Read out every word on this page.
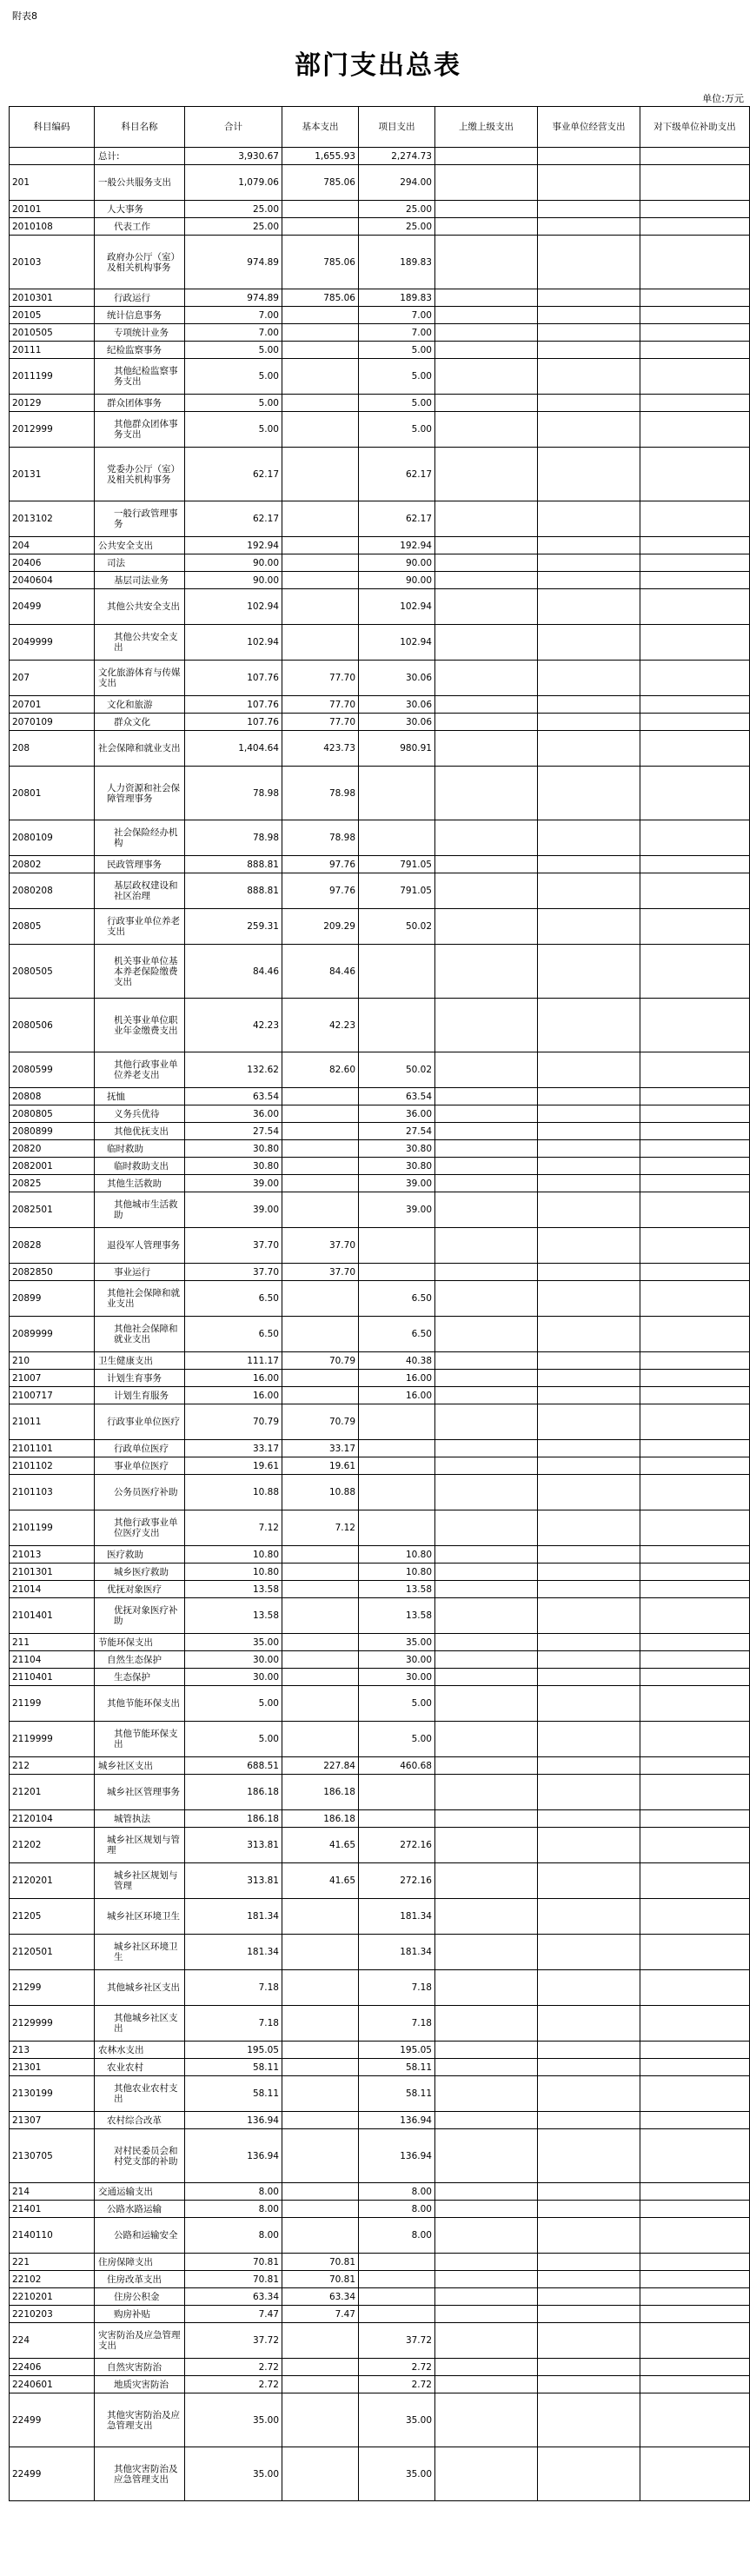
附表8
部门支出总表
单位:万元
科目编码	科目名称	合计	基本支出	项目支出	上缴上级支出	事业单位经营支出	对下级单位补助支出
	总计:	3,930.67	1,655.93	2,274.73			
201	一般公共服务支出	1,079.06	785.06	294.00			
20101	人大事务	25.00		25.00			
2010108	代表工作	25.00		25.00			
20103	政府办公厅（室）及相关机构事务	974.89	785.06	189.83			
2010301	行政运行	974.89	785.06	189.83			
20105	统计信息事务	7.00		7.00			
2010505	专项统计业务	7.00		7.00			
20111	纪检监察事务	5.00		5.00			
2011199	其他纪检监察事务支出	5.00		5.00			
20129	群众团体事务	5.00		5.00			
2012999	其他群众团体事务支出	5.00		5.00			
20131	党委办公厅（室）及相关机构事务	62.17		62.17			
2013102	一般行政管理事务	62.17		62.17			
204	公共安全支出	192.94		192.94			
20406	司法	90.00		90.00			
2040604	基层司法业务	90.00		90.00			
20499	其他公共安全支出	102.94		102.94			
2049999	其他公共安全支出	102.94		102.94			
207	文化旅游体育与传媒支出	107.76	77.70	30.06			
20701	文化和旅游	107.76	77.70	30.06			
2070109	群众文化	107.76	77.70	30.06			
208	社会保障和就业支出	1,404.64	423.73	980.91			
20801	人力资源和社会保障管理事务	78.98	78.98				
2080109	社会保险经办机构	78.98	78.98				
20802	民政管理事务	888.81	97.76	791.05			
2080208	基层政权建设和社区治理	888.81	97.76	791.05			
20805	行政事业单位养老支出	259.31	209.29	50.02			
2080505	机关事业单位基本养老保险缴费支出	84.46	84.46				
2080506	机关事业单位职业年金缴费支出	42.23	42.23				
2080599	其他行政事业单位养老支出	132.62	82.60	50.02			
20808	抚恤	63.54		63.54			
2080805	义务兵优待	36.00		36.00			
2080899	其他优抚支出	27.54		27.54			
20820	临时救助	30.80		30.80			
2082001	临时救助支出	30.80		30.80			
20825	其他生活救助	39.00		39.00			
2082501	其他城市生活救助	39.00		39.00			
20828	退役军人管理事务	37.70	37.70				
2082850	事业运行	37.70	37.70				
20899	其他社会保障和就业支出	6.50		6.50			
2089999	其他社会保障和就业支出	6.50		6.50			
210	卫生健康支出	111.17	70.79	40.38			
21007	计划生育事务	16.00		16.00			
2100717	计划生育服务	16.00		16.00			
21011	行政事业单位医疗	70.79	70.79				
2101101	行政单位医疗	33.17	33.17				
2101102	事业单位医疗	19.61	19.61				
2101103	公务员医疗补助	10.88	10.88				
2101199	其他行政事业单位医疗支出	7.12	7.12				
21013	医疗救助	10.80		10.80			
2101301	城乡医疗救助	10.80		10.80			
21014	优抚对象医疗	13.58		13.58			
2101401	优抚对象医疗补助	13.58		13.58			
211	节能环保支出	35.00		35.00			
21104	自然生态保护	30.00		30.00			
2110401	生态保护	30.00		30.00			
21199	其他节能环保支出	5.00		5.00			
2119999	其他节能环保支出	5.00		5.00			
212	城乡社区支出	688.51	227.84	460.68			
21201	城乡社区管理事务	186.18	186.18				
2120104	城管执法	186.18	186.18				
21202	城乡社区规划与管理	313.81	41.65	272.16			
2120201	城乡社区规划与管理	313.81	41.65	272.16			
21205	城乡社区环境卫生	181.34		181.34			
2120501	城乡社区环境卫生	181.34		181.34			
21299	其他城乡社区支出	7.18		7.18			
2129999	其他城乡社区支出	7.18		7.18			
213	农林水支出	195.05		195.05			
21301	农业农村	58.11		58.11			
2130199	其他农业农村支出	58.11		58.11			
21307	农村综合改革	136.94		136.94			
2130705	对村民委员会和村党支部的补助	136.94		136.94			
214	交通运输支出	8.00		8.00			
21401	公路水路运输	8.00		8.00			
2140110	公路和运输安全	8.00		8.00			
221	住房保障支出	70.81	70.81				
22102	住房改革支出	70.81	70.81				
2210201	住房公积金	63.34	63.34				
2210203	购房补贴	7.47	7.47				
224	灾害防治及应急管理支出	37.72		37.72			
22406	自然灾害防治	2.72		2.72			
2240601	地质灾害防治	2.72		2.72			
22499	其他灾害防治及应急管理支出	35.00		35.00			
22499	其他灾害防治及应急管理支出	35.00		35.00			
